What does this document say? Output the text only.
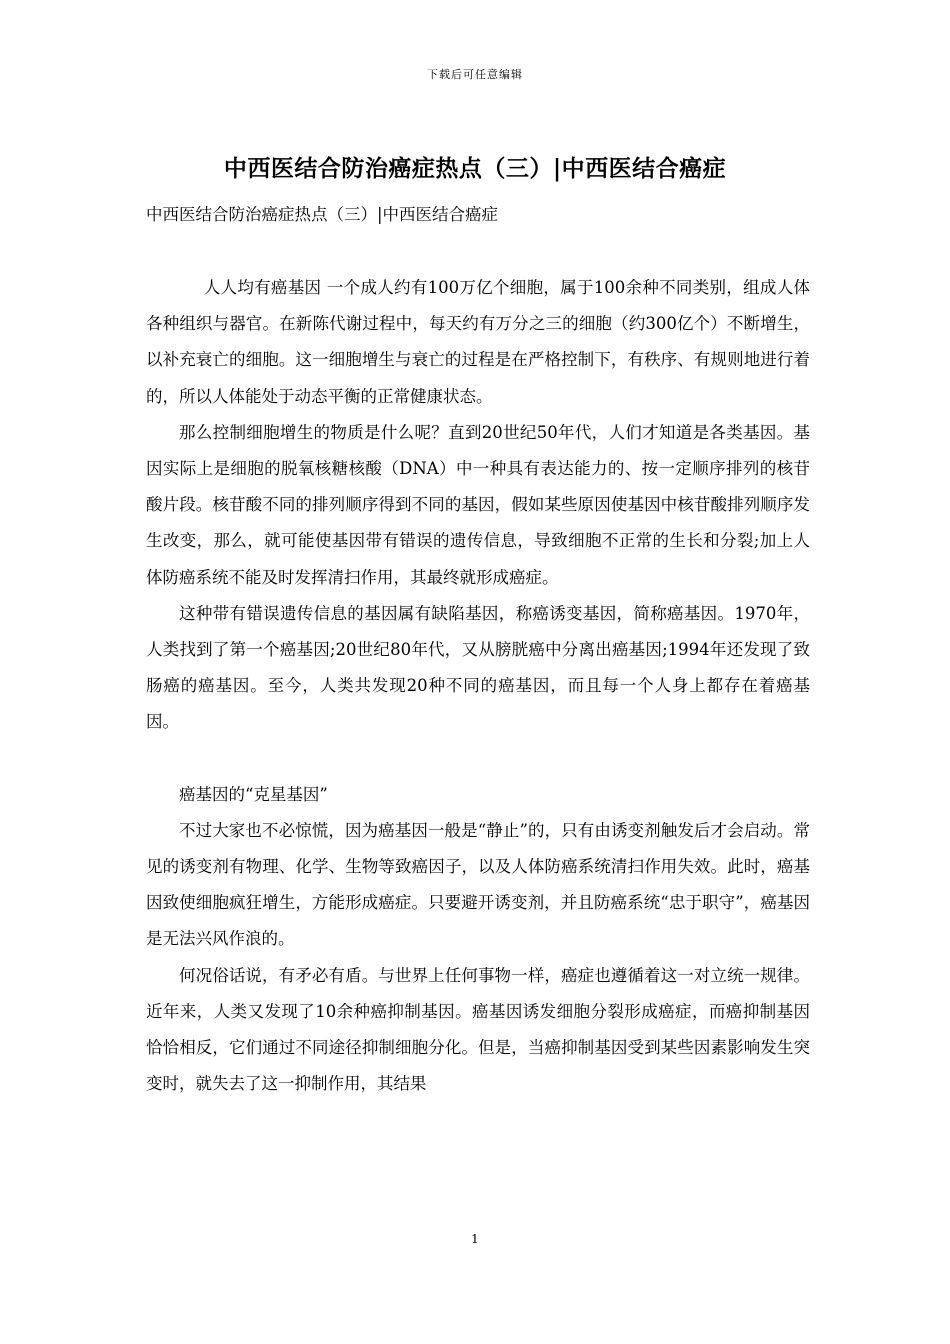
下载后可任意编辑
中西医结合防治癌症热点（三）|中西医结合癌症
中西医结合防治癌症热点（三）|中西医结合癌症

人人均有癌基因 一个成人约有100万亿个细胞，属于100余种不同类别，组成人体各种组织与器官。在新陈代谢过程中，每天约有万分之三的细胞（约300亿个）不断增生，以补充衰亡的细胞。这一细胞增生与衰亡的过程是在严格控制下，有秩序、有规则地进行着的，所以人体能处于动态平衡的正常健康状态。

那么控制细胞增生的物质是什么呢？直到20世纪50年代，人们才知道是各类基因。基因实际上是细胞的脱氧核糖核酸（DNA）中一种具有表达能力的、按一定顺序排列的核苷酸片段。核苷酸不同的排列顺序得到不同的基因，假如某些原因使基因中核苷酸排列顺序发生改变，那么，就可能使基因带有错误的遗传信息，导致细胞不正常的生长和分裂;加上人体防癌系统不能及时发挥清扫作用，其最终就形成癌症。

这种带有错误遗传信息的基因属有缺陷基因，称癌诱变基因，简称癌基因。1970年，人类找到了第一个癌基因;20世纪80年代，又从膀胱癌中分离出癌基因;1994年还发现了致肠癌的癌基因。至今，人类共发现20种不同的癌基因，而且每一个人身上都存在着癌基因。

癌基因的“克星基因”

不过大家也不必惊慌，因为癌基因一般是“静止”的，只有由诱变剂触发后才会启动。常见的诱变剂有物理、化学、生物等致癌因子，以及人体防癌系统清扫作用失效。此时，癌基因致使细胞疯狂增生，方能形成癌症。只要避开诱变剂，并且防癌系统“忠于职守”，癌基因是无法兴风作浪的。

何况俗话说，有矛必有盾。与世界上任何事物一样，癌症也遵循着这一对立统一规律。近年来，人类又发现了10余种癌抑制基因。癌基因诱发细胞分裂形成癌症，而癌抑制基因恰恰相反，它们通过不同途径抑制细胞分化。但是，当癌抑制基因受到某些因素影响发生突变时，就失去了这一抑制作用，其结果

1
